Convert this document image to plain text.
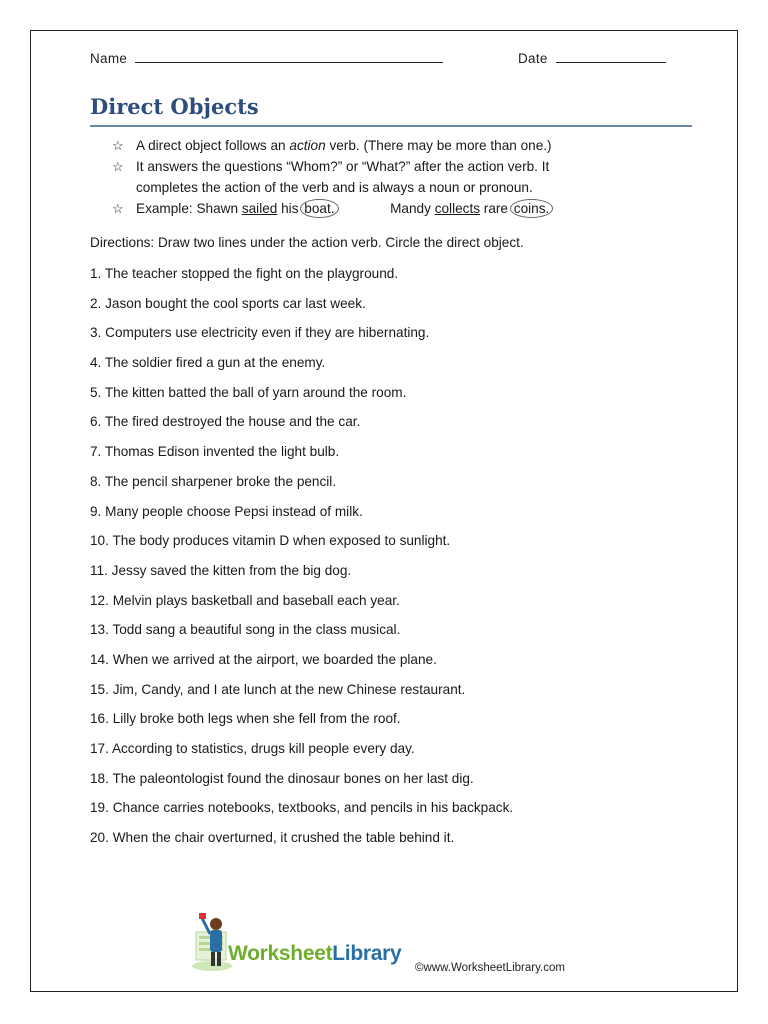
Name	Date
Direct Objects
☆ A direct object follows an action verb. (There may be more than one.)
☆ It answers the questions “Whom?” or “What?” after the action verb. It
completes the action of the verb and is always a noun or pronoun.
☆ Example: Shawn sailed his boat.	Mandy collects rare coins.
Directions: Draw two lines under the action verb. Circle the direct object.
1. The teacher stopped the fight on the playground.
2. Jason bought the cool sports car last week.
3. Computers use electricity even if they are hibernating.
4. The soldier fired a gun at the enemy.
5. The kitten batted the ball of yarn around the room.
6. The fired destroyed the house and the car.
7. Thomas Edison invented the light bulb.
8. The pencil sharpener broke the pencil.
9. Many people choose Pepsi instead of milk.
10. The body produces vitamin D when exposed to sunlight.
11. Jessy saved the kitten from the big dog.
12. Melvin plays basketball and baseball each year.
13. Todd sang a beautiful song in the class musical.
14. When we arrived at the airport, we boarded the plane.
15. Jim, Candy, and I ate lunch at the new Chinese restaurant.
16. Lilly broke both legs when she fell from the roof.
17. According to statistics, drugs kill people every day.
18. The paleontologist found the dinosaur bones on her last dig.
19. Chance carries notebooks, textbooks, and pencils in his backpack.
20. When the chair overturned, it crushed the table behind it.
WorksheetLibrary
©www.WorksheetLibrary.com
